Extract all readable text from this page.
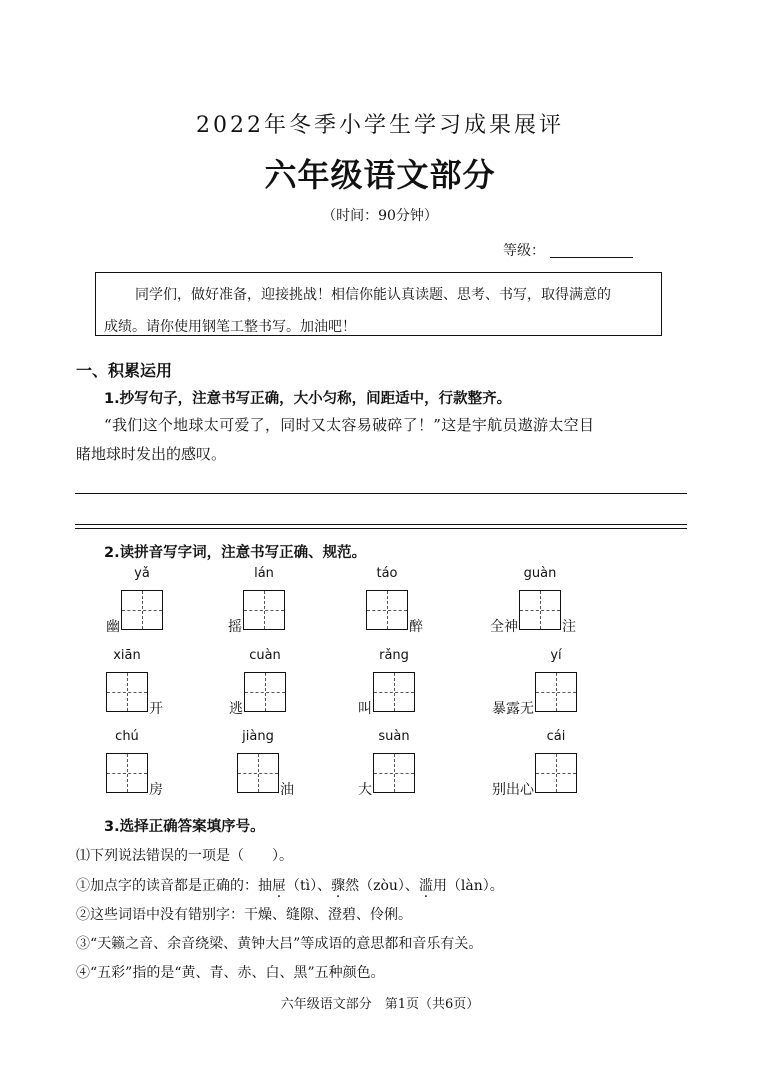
2022年冬季小学生学习成果展评
六年级语文部分
（时间：90分钟）
等级：
同学们，做好准备，迎接挑战！相信你能认真读题、思考、书写，取得满意的
成绩。请你使用钢笔工整书写。加油吧！
一、积累运用
1.抄写句子，注意书写正确，大小匀称，间距适中，行款整齐。
“我们这个地球太可爱了，同时又太容易破碎了！”这是宇航员遨游太空目
睹地球时发出的感叹。
2.读拼音写字词，注意书写正确、规范。
yǎ
幽
lán
摇
táo
醉
guàn
全神	注
xiān
开
cuàn
逃
rǎng
叫
yí
暴露无
chú
房
jiàng
油
suàn
大
cái
别出心
3.选择正确答案填序号。
⑴下列说法错误的一项是（　　）。
①加点字的读音都是正确的：抽屉（tì）、骤然（zòu）、滥用（làn）。
②这些词语中没有错别字：干燥、缝隙、澄碧、伶俐。
③“天籁之音、余音绕梁、黄钟大吕”等成语的意思都和音乐有关。
④“五彩”指的是“黄、青、赤、白、黑”五种颜色。
六年级语文部分　第1页（共6页）
